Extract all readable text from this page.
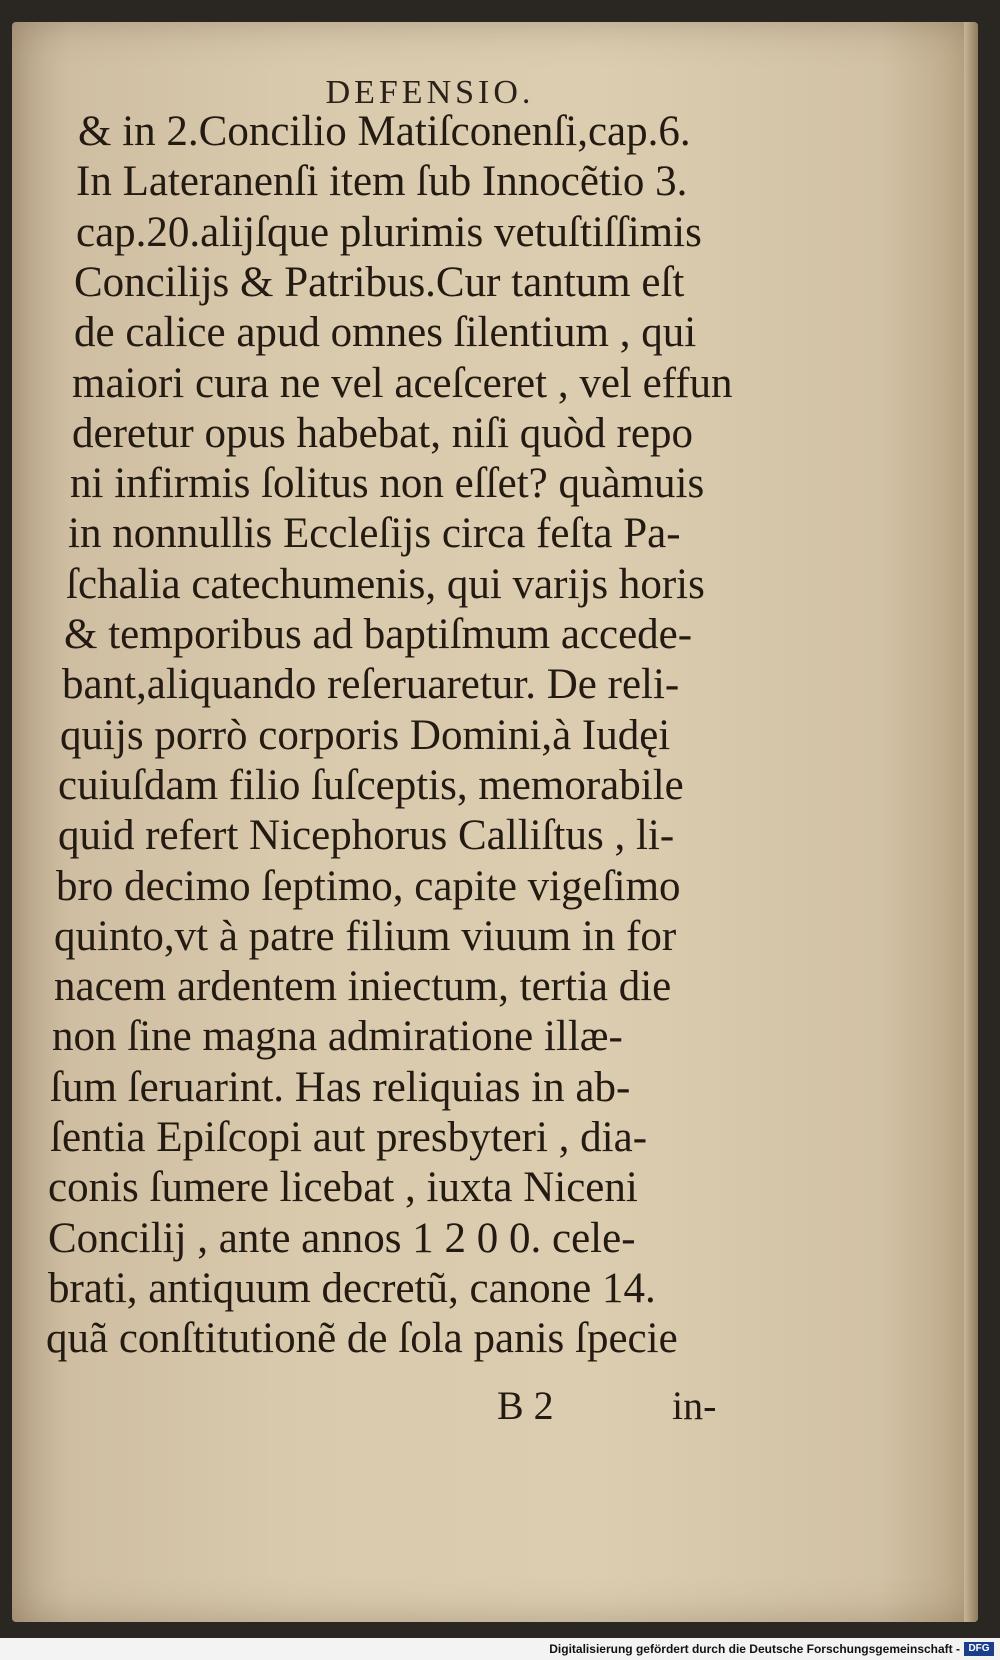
DEFENSIO.
& in 2.Concilio Matiſconenſi,cap.6.
In Lateranenſi item ſub Innocẽtio 3.
cap.20.alijſque plurimis vetuſtiſſimis
Concilijs & Patribus.Cur tantum eſt
de calice apud omnes ſilentium , qui
maiori cura ne vel aceſceret , vel effun
deretur opus habebat, niſi quòd repo
ni infirmis ſolitus non eſſet? quàmuis
in nonnullis Eccleſijs circa feſta Pa-
ſchalia catechumenis, qui varijs horis
& temporibus ad baptiſmum accede-
bant,aliquando reſeruaretur. De reli-
quijs porrò corporis Domini,à Iudęi
cuiuſdam filio ſuſceptis, memorabile
quid refert Nicephorus Calliſtus , li-
bro decimo ſeptimo, capite vigeſimo
quinto,vt à patre filium viuum in for
nacem ardentem iniectum, tertia die
non ſine magna admiratione illæ-
ſum ſeruarint. Has reliquias in ab-
ſentia Epiſcopi aut presbyteri , dia-
conis ſumere licebat , iuxta Niceni
Concilij , ante annos 1 2 0 0. cele-
brati, antiquum decretũ, canone 14.
quã conſtitutionẽ de ſola panis ſpecie
B 2	in-
Digitalisierung gefördert durch die Deutsche Forschungsgemeinschaft - DFG
